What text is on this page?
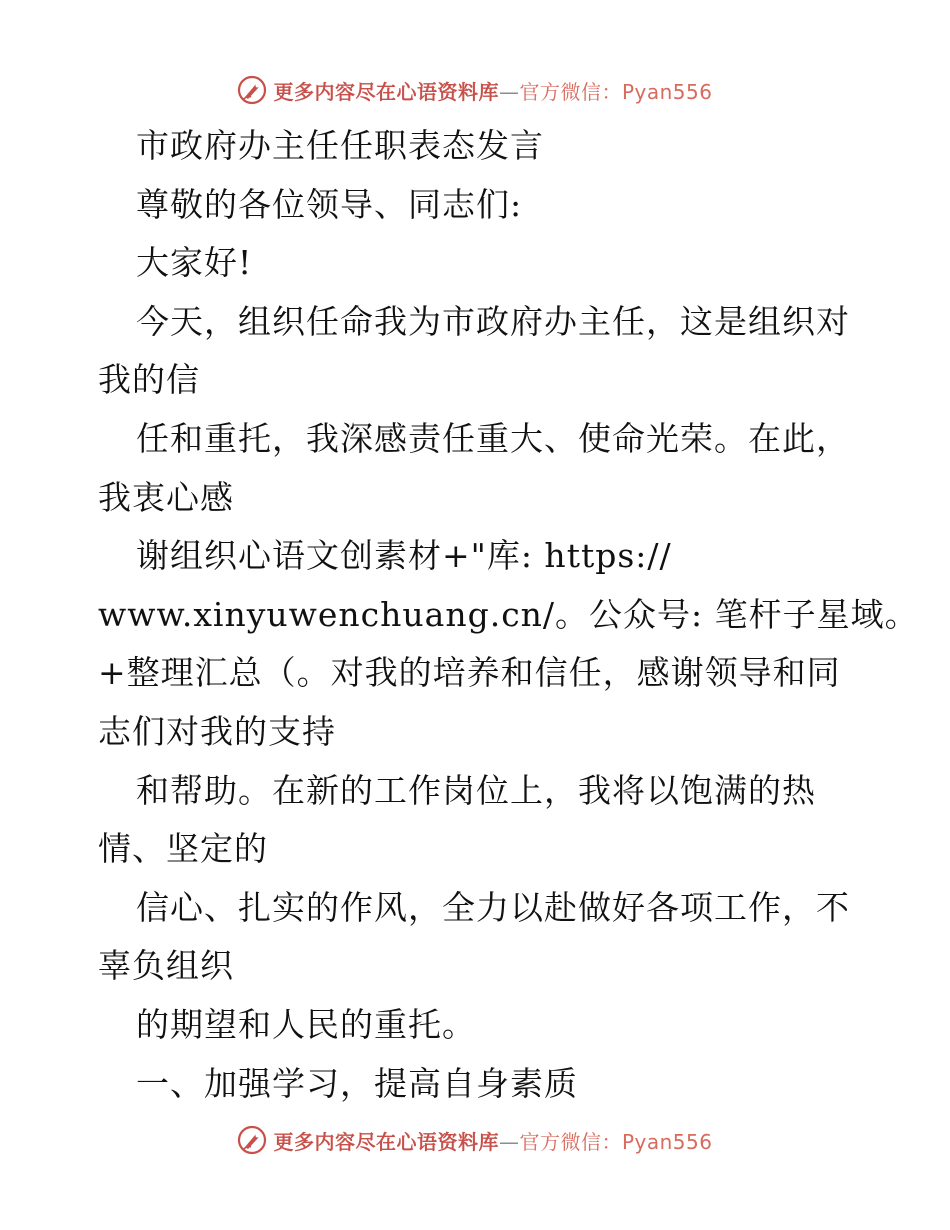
更多内容尽在心语资料库—官方微信：Pyan556
市政府办主任任职表态发言
尊敬的各位领导、同志们:
大家好!
今天，组织任命我为市政府办主任，这是组织对
我的信
任和重托，我深感责任重大、使命光荣。在此，
我衷心感
谢组织心语文创素材+"库: https://
www.xinyuwenchuang.cn/。公众号: 笔杆子星域。
+整理汇总（。对我的培养和信任，感谢领导和同
志们对我的支持
和帮助。在新的工作岗位上，我将以饱满的热
情、坚定的
信心、扎实的作风，全力以赴做好各项工作，不
辜负组织
的期望和人民的重托。
一、加强学习，提高自身素质
更多内容尽在心语资料库—官方微信：Pyan556
